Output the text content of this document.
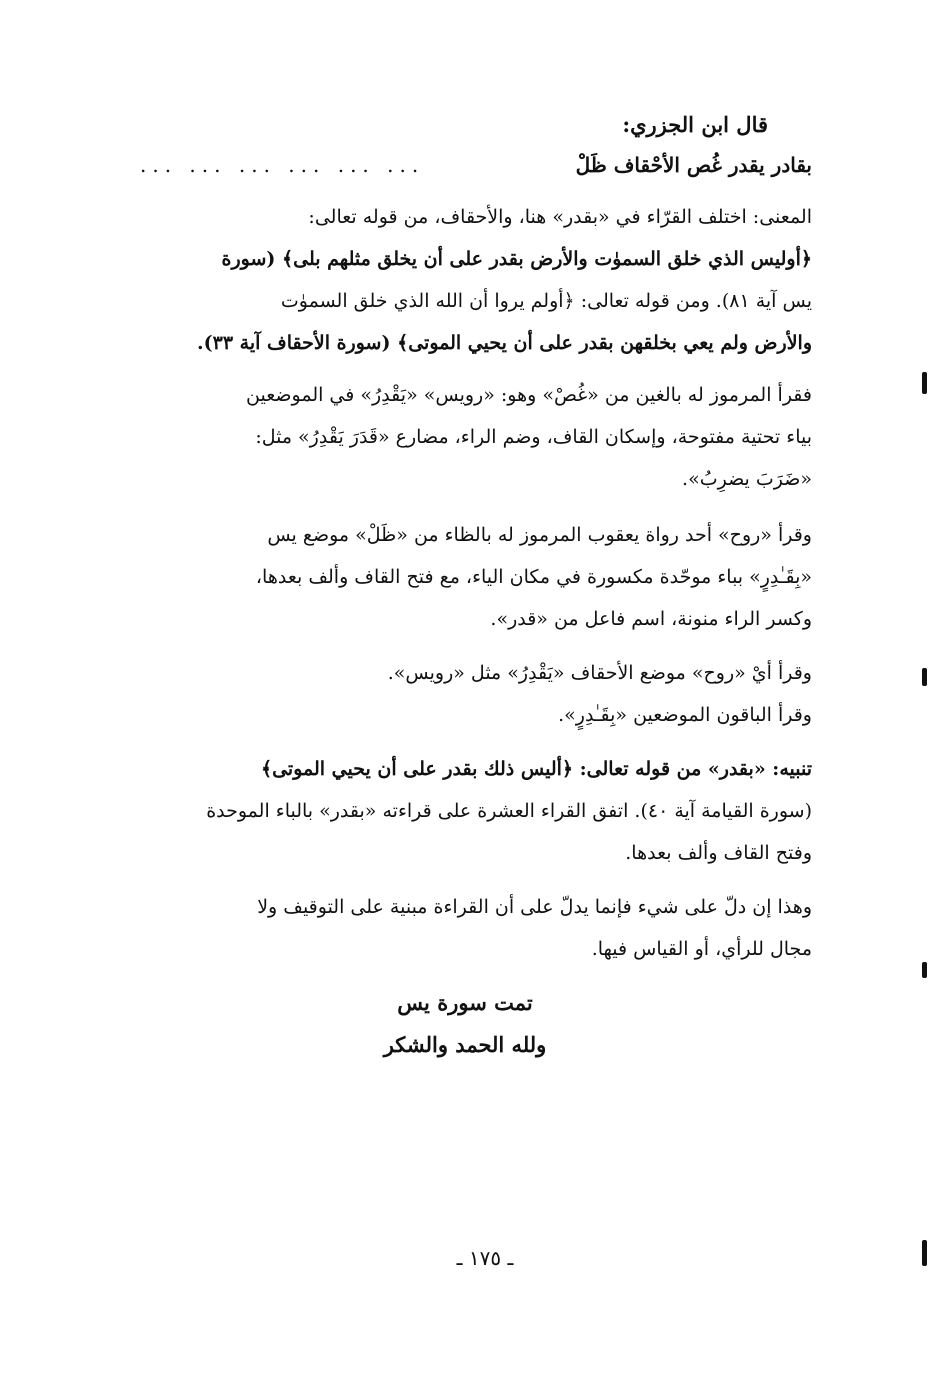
قال ابن الجزري:
بقادر يقدر غُص الأحْقاف ظَلْ
... ... ... ... ... ...
المعنى: اختلف القرّاء في «بقدر» هنا، والأحقاف، من قوله تعالى:
﴿أوليس الذي خلق السموٰت والأرض بقدر على أن يخلق مثلهم بلى﴾ (سورة
يس آية ٨١). ومن قوله تعالى: ﴿أولم يروا أن الله الذي خلق السموٰت
والأرض ولم يعي بخلقهن بقدر على أن يحيي الموتى﴾ (سورة الأحقاف آية ٣٣).
فقرأ المرموز له بالغين من «غُصْ» وهو: «رويس» «يَقْدِرُ» في الموضعين
بياء تحتية مفتوحة، وإسكان القاف، وضم الراء، مضارع «قَدَرَ يَقْدِرُ» مثل:
«ضَرَبَ يضرِبُ».
وقرأ «روح» أحد رواة يعقوب المرموز له بالظاء من «ظَلْ» موضع يس
«بِقَـٰدِرٍ» بباء موحّدة مكسورة في مكان الياء، مع فتح القاف وألف بعدها،
وكسر الراء منونة، اسم فاعل من «قدر».
وقرأ أيْ «روح» موضع الأحقاف «يَقْدِرُ» مثل «رويس».
وقرأ الباقون الموضعين «بِقَـٰدِرٍ».
تنبيه: «بقدر» من قوله تعالى: ﴿أليس ذلك بقدر على أن يحيي الموتى﴾
(سورة القيامة آية ٤٠). اتفق القراء العشرة على قراءته «بقدر» بالباء الموحدة
وفتح القاف وألف بعدها.
وهذا إن دلّ على شيء فإنما يدلّ على أن القراءة مبنية على التوقيف ولا
مجال للرأي، أو القياس فيها.
تمت سورة يس
ولله الحمد والشكر
ـ ١٧٥ ـ
